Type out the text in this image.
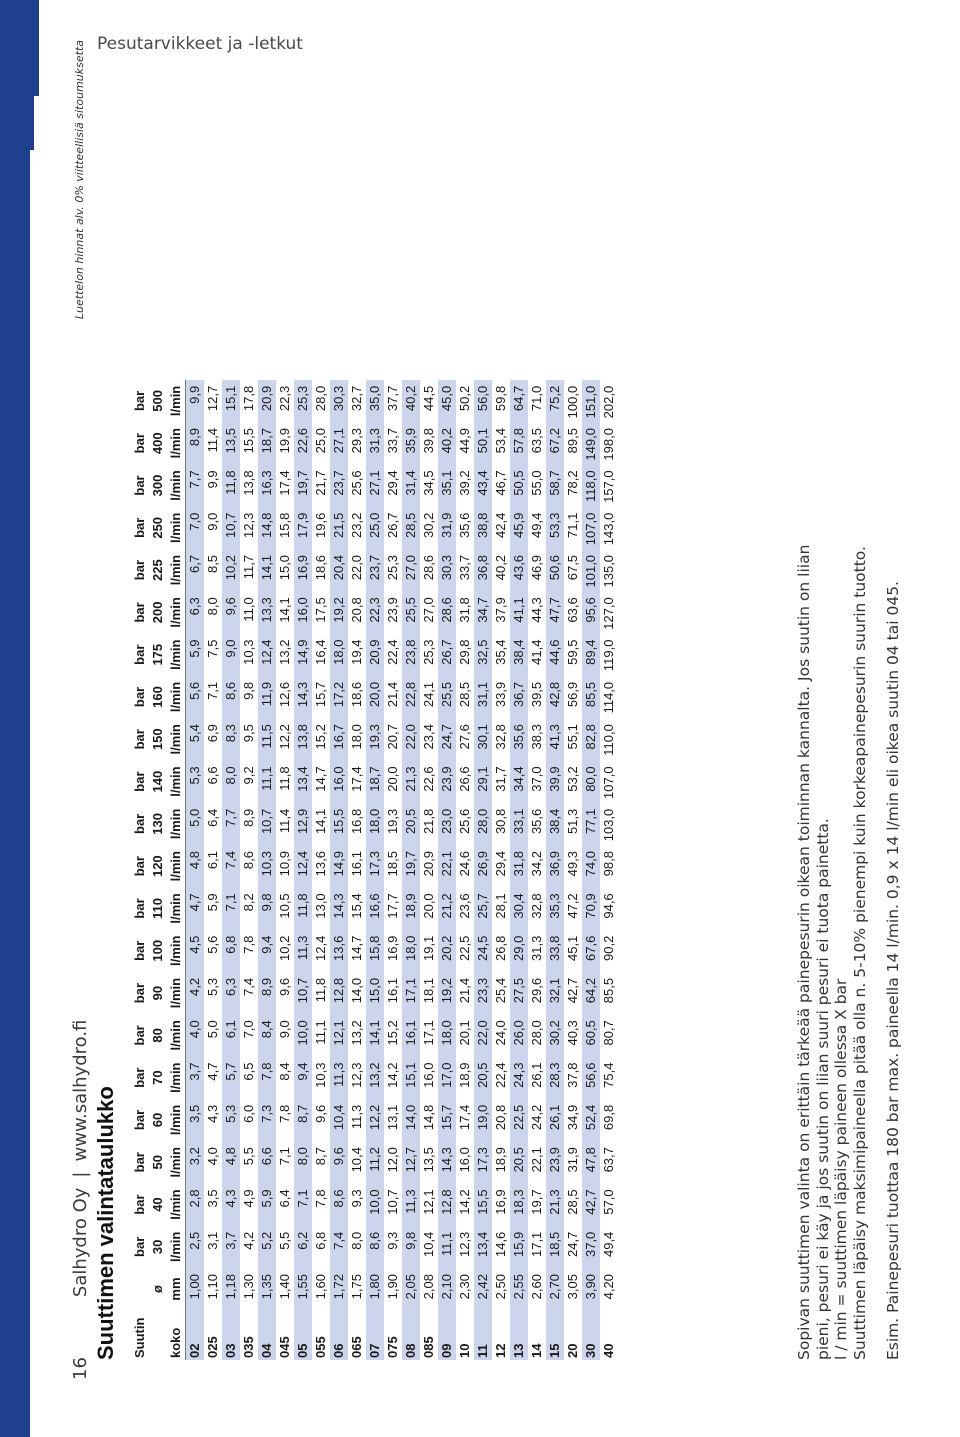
Pesutarvikkeet ja -letkut
16
Salhydro Oy
|
www.salhydro.fi
Luettelon hinnat alv. 0% viitteellisiä sitoumuksetta
Suuttimen valintataulukko Suutin		bar	bar	bar	bar	bar	bar	bar	bar	bar	bar	bar	bar	bar	bar	bar	bar	bar	bar	bar	bar	bar
	ø	30	40	50	60	70	80	90	100	110	120	130	140	150	160	175	200	225	250	300	400	500
koko	mm	l/min	l/min	l/min	l/min	l/min	l/min	l/min	l/min	l/min	l/min	l/min	l/min	l/min	l/min	l/min	l/min	l/min	l/min	l/min	l/min	l/min
02	1,00	2,5	2,8	3,2	3,5	3,7	4,0	4,2	4,5	4,7	4,8	5,0	5,3	5,4	5,6	5,9	6,3	6,7	7,0	7,7	8,9	9,9
025	1,10	3,1	3,5	4,0	4,3	4,7	5,0	5,3	5,6	5,9	6,1	6,4	6,6	6,9	7,1	7,5	8,0	8,5	9,0	9,9	11,4	12,7
03	1,18	3,7	4,3	4,8	5,3	5,7	6,1	6,3	6,8	7,1	7,4	7,7	8,0	8,3	8,6	9,0	9,6	10,2	10,7	11,8	13,5	15,1
035	1,30	4,2	4,9	5,5	6,0	6,5	7,0	7,4	7,8	8,2	8,6	8,9	9,2	9,5	9,8	10,3	11,0	11,7	12,3	13,8	15,5	17,8
04	1,35	5,2	5,9	6,6	7,3	7,8	8,4	8,9	9,4	9,8	10,3	10,7	11,1	11,5	11,9	12,4	13,3	14,1	14,8	16,3	18,7	20,9
045	1,40	5,5	6,4	7,1	7,8	8,4	9,0	9,6	10,2	10,5	10,9	11,4	11,8	12,2	12,6	13,2	14,1	15,0	15,8	17,4	19,9	22,3
05	1,55	6,2	7,1	8,0	8,7	9,4	10,0	10,7	11,3	11,8	12,4	12,9	13,4	13,8	14,3	14,9	16,0	16,9	17,9	19,7	22,6	25,3
055	1,60	6,8	7,8	8,7	9,6	10,3	11,1	11,8	12,4	13,0	13,6	14,1	14,7	15,2	15,7	16,4	17,5	18,6	19,6	21,7	25,0	28,0
06	1,72	7,4	8,6	9,6	10,4	11,3	12,1	12,8	13,6	14,3	14,9	15,5	16,0	16,7	17,2	18,0	19,2	20,4	21,5	23,7	27,1	30,3
065	1,75	8,0	9,3	10,4	11,3	12,3	13,2	14,0	14,7	15,4	16,1	16,8	17,4	18,0	18,6	19,4	20,8	22,0	23,2	25,6	29,3	32,7
07	1,80	8,6	10,0	11,2	12,2	13,2	14,1	15,0	15,8	16,6	17,3	18,0	18,7	19,3	20,0	20,9	22,3	23,7	25,0	27,1	31,3	35,0
075	1,90	9,3	10,7	12,0	13,1	14,2	15,2	16,1	16,9	17,7	18,5	19,3	20,0	20,7	21,4	22,4	23,9	25,3	26,7	29,4	33,7	37,7
08	2,05	9,8	11,3	12,7	14,0	15,1	16,1	17,1	18,0	18,9	19,7	20,5	21,3	22,0	22,8	23,8	25,5	27,0	28,5	31,4	35,9	40,2
085	2,08	10,4	12,1	13,5	14,8	16,0	17,1	18,1	19,1	20,0	20,9	21,8	22,6	23,4	24,1	25,3	27,0	28,6	30,2	34,5	39,8	44,5
09	2,10	11,1	12,8	14,3	15,7	17,0	18,0	19,2	20,2	21,2	22,1	23,0	23,9	24,7	25,5	26,7	28,6	30,3	31,9	35,1	40,2	45,0
10	2,30	12,3	14,2	16,0	17,4	18,9	20,1	21,4	22,5	23,6	24,6	25,6	26,6	27,6	28,5	29,8	31,8	33,7	35,6	39,2	44,9	50,2
11	2,42	13,4	15,5	17,3	19,0	20,5	22,0	23,3	24,5	25,7	26,9	28,0	29,1	30,1	31,1	32,5	34,7	36,8	38,8	43,4	50,1	56,0
12	2,50	14,6	16,9	18,9	20,8	22,4	24,0	25,4	26,8	28,1	29,4	30,8	31,7	32,8	33,9	35,4	37,9	40,2	42,4	46,7	53,4	59,8
13	2,55	15,9	18,3	20,5	22,5	24,3	26,0	27,5	29,0	30,4	31,8	33,1	34,4	35,6	36,7	38,4	41,1	43,6	45,9	50,5	57,8	64,7
14	2,60	17,1	19,7	22,1	24,2	26,1	28,0	29,6	31,3	32,8	34,2	35,6	37,0	38,3	39,5	41,4	44,3	46,9	49,4	55,0	63,5	71,0
15	2,70	18,5	21,3	23,9	26,1	28,3	30,2	32,1	33,8	35,3	36,9	38,4	39,9	41,3	42,8	44,6	47,7	50,6	53,3	58,7	67,2	75,2
20	3,05	24,7	28,5	31,9	34,9	37,8	40,3	42,7	45,1	47,2	49,3	51,3	53,2	55,1	56,9	59,5	63,6	67,5	71,1	78,2	89,5	100,0
30	3,90	37,0	42,7	47,8	52,4	56,6	60,5	64,2	67,6	70,9	74,0	77,1	80,0	82,8	85,5	89,4	95,6	101,0	107,0	118,0	149,0	151,0
40	4,20	49,4	57,0	63,7	69,8	75,4	80,7	85,5	90,2	94,6	98,8	103,0	107,0	110,0	114,0	119,0	127,0	135,0	143,0	157,0	198,0	202,0

Sopivan suuttimen valinta on erittäin tärkeää painepesurin oikean toiminnan kannalta. Jos suutin on liian pieni, pesuri ei käy ja jos suutin on liian suuri pesuri ei tuota painetta. l / min = suuttimen läpäisy paineen ollessa X bar Suuttimen läpäisy maksimipaineella pitää olla n. 5-10% pienempi kuin korkeapainepesurin suurin tuotto. Esim. Painepesuri tuottaa 180 bar max. paineella 14 l/min. 0,9 x 14 l/min eli oikea suutin 04 tai 045.
